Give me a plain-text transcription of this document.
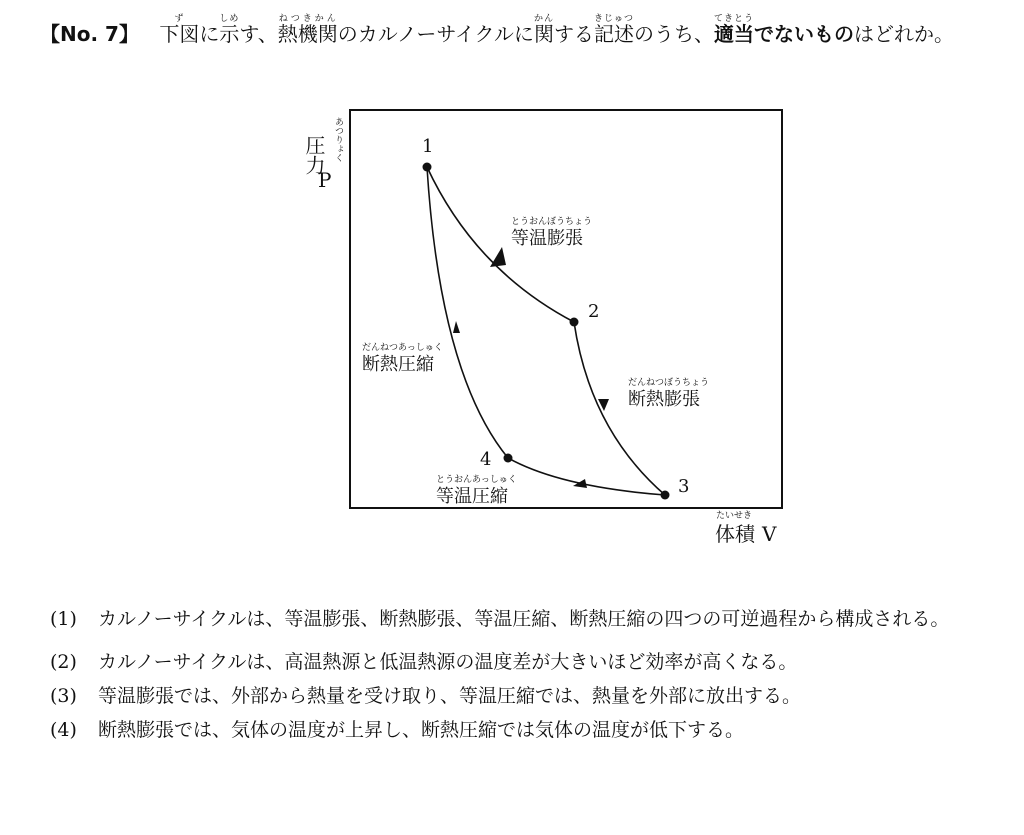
【No. 7】 下図ずに示しめす、熱機関ねつきかんのカルノーサイクルに関かんする記述きじゅつのうち、適当てきとうでないものはどれか。
1
2
3
4
とうおんぼうちょう
等温膨張
だんねつぼうちょう
断熱膨張
とうおんあっしゅく
等温圧縮
だんねつあっしゅく
断熱圧縮
圧力 あつりょく
P
たいせき
体積 V
(1) カルノーサイクルは、等温膨張、断熱膨張、等温圧縮、断熱圧縮の四つの可逆過程から構成される。
(2) カルノーサイクルは、高温熱源と低温熱源の温度差が大きいほど効率が高くなる。
(3) 等温膨張では、外部から熱量を受け取り、等温圧縮では、熱量を外部に放出する。
(4) 断熱膨張では、気体の温度が上昇し、断熱圧縮では気体の温度が低下する。
